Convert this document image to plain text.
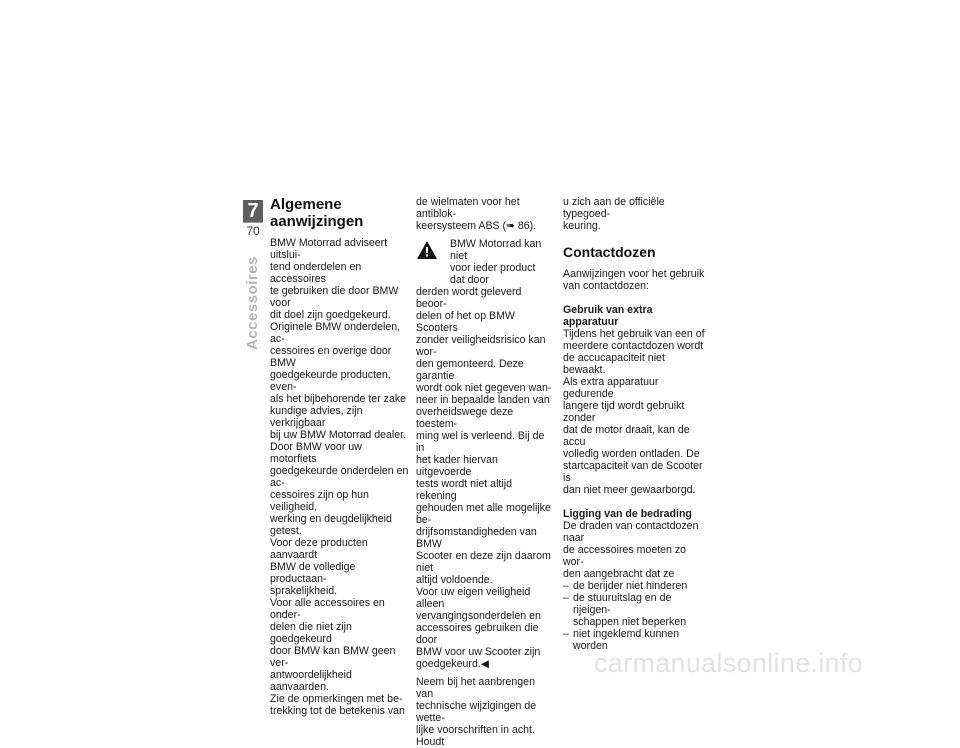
7
70
Accessoires
Algemene
aanwijzingen

BMW Motorrad adviseert uitslui-

tend onderdelen en accessoires

te gebruiken die door BMW voor

dit doel zijn goedgekeurd.

Originele BMW onderdelen, ac-

cessoires en overige door BMW

goedgekeurde producten, even-

als het bijbehorende ter zake

kundige advies, zijn verkrijgbaar

bij uw BMW Motorrad dealer.

Door BMW voor uw motorfiets

goedgekeurde onderdelen en ac-

cessoires zijn op hun veiligheid,

werking en deugdelijkheid getest.

Voor deze producten aanvaardt

BMW de volledige productaan-

sprakelijkheid.

Voor alle accessoires en onder-

delen die niet zijn goedgekeurd

door BMW kan BMW geen ver-

antwoordelijkheid aanvaarden.

Zie de opmerkingen met be-

trekking tot de betekenis van

de wielmaten voor het antiblok-

keersysteem ABS (➠ 86).

BMW Motorrad kan niet

voor ieder product dat door

derden wordt geleverd beoor-

delen of het op BMW Scooters

zonder veiligheidsrisico kan wor-

den gemonteerd. Deze garantie

wordt ook niet gegeven wan-

neer in bepaalde landen van

overheidswege deze toestem-

ming wel is verleend. Bij de in

het kader hiervan uitgevoerde

tests wordt niet altijd rekening

gehouden met alle mogelijke be-

drijfsomstandigheden van BMW

Scooter en deze zijn daarom niet

altijd voldoende.

Voor uw eigen veiligheid alleen

vervangingsonderdelen en

accessoires gebruiken die door

BMW voor uw Scooter zijn

goedgekeurd.◀

Neem bij het aanbrengen van

technische wijzigingen de wette-

lijke voorschriften in acht. Houdt

u zich aan de officiële typegoed-

keuring.

Contactdozen

Aanwijzingen voor het gebruik

van contactdozen:

Gebruik van extra apparatuur

Tijdens het gebruik van een of

meerdere contactdozen wordt

de accucapaciteit niet bewaakt.

Als extra apparatuur gedurende

langere tijd wordt gebruikt zonder

dat de motor draait, kan de accu

volledig worden ontladen. De

startcapaciteit van de Scooter is

dan niet meer gewaarborgd.

Ligging van de bedrading

De draden van contactdozen naar

de accessoires moeten zo wor-

den aangebracht dat ze

– de berijder niet hinderen
– de stuuruitslag en de rijeigen-
schappen niet beperken
– niet ingeklemd kunnen worden
carmanualsonline.info
